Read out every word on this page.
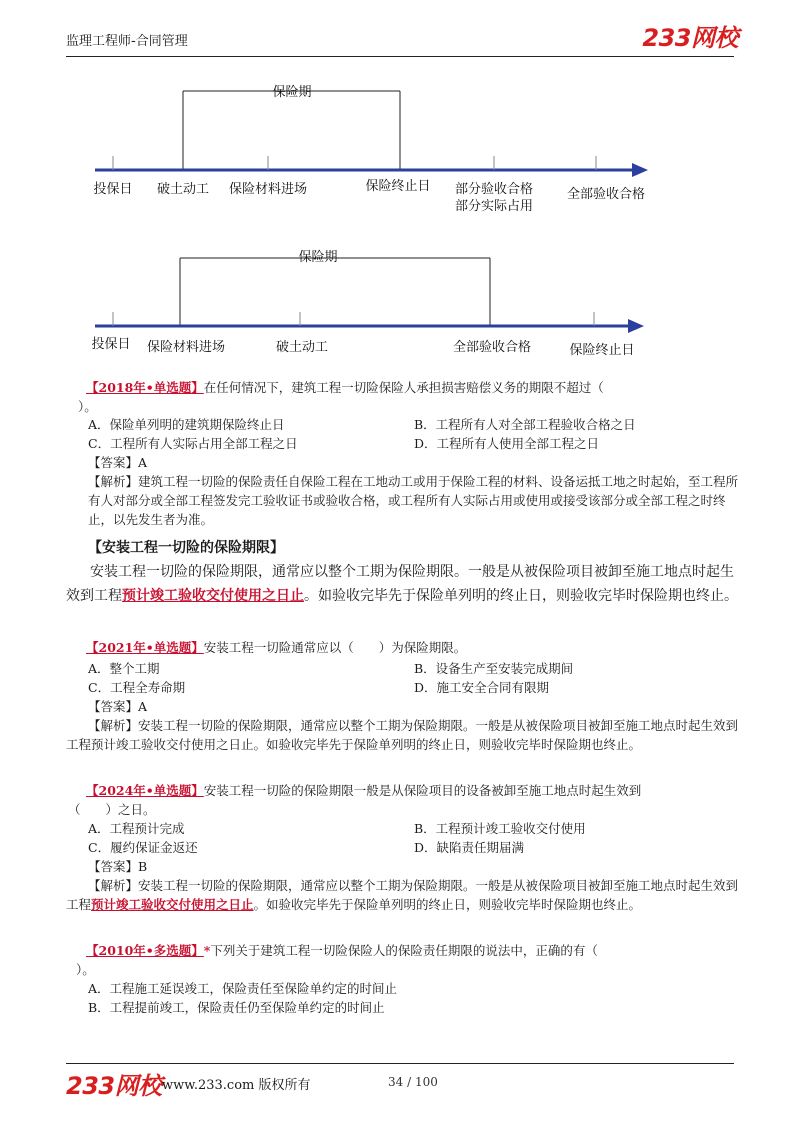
监理工程师-合同管理	233网校
保险期
投保日 破土动工 保险材料进场	保险终止日 部分验收合格
部分实际占用
全部验收合格
保险期
投保日 保险材料进场	破土动工	全部验收合格	保险终止日

【2018年•单选题】在任何情况下，建筑工程一切险保险人承担损害赔偿义务的期限不超过（
）。
A．保险单列明的建筑期保险终止日	B．工程所有人对全部工程验收合格之日
C．工程所有人实际占用全部工程之日	D．工程所有人使用全部工程之日
【答案】A
【解析】建筑工程一切险的保险责任自保险工程在工地动工或用于保险工程的材料、设备运抵工地之时起始，至工程所有人对部分或全部工程签发完工验收证书或验收合格，或工程所有人实际占用或使用或接受该部分或全部工程之时终止，以先发生者为准。
【安装工程一切险的保险期限】
安装工程一切险的保险期限，通常应以整个工期为保险期限。一般是从被保险项目被卸至施工地点时起生效到工程预计竣工验收交付使用之日止。如验收完毕先于保险单列明的终止日，则验收完毕时保险期也终止。
【2021年•单选题】安装工程一切险通常应以（　　）为保险期限。
A．整个工期	B．设备生产至安装完成期间
C．工程全寿命期	D．施工安全合同有限期
【答案】A
【解析】安装工程一切险的保险期限，通常应以整个工期为保险期限。一般是从被保险项目被卸至施工地点时起生效到工程预计竣工验收交付使用之日止。如验收完毕先于保险单列明的终止日，则验收完毕时保险期也终止。
【2024年•单选题】安装工程一切险的保险期限一般是从保险项目的设备被卸至施工地点时起生效到
（　　）之日。
A．工程预计完成	B．工程预计竣工验收交付使用
C．履约保证金返还	D．缺陷责任期届满
【答案】B
【解析】安装工程一切险的保险期限，通常应以整个工期为保险期限。一般是从被保险项目被卸至施工地点时起生效到工程预计竣工验收交付使用之日止。如验收完毕先于保险单列明的终止日，则验收完毕时保险期也终止。
【2010年•多选题】*下列关于建筑工程一切险保险人的保险责任期限的说法中，正确的有（
）。
A．工程施工延误竣工，保险责任至保险单约定的时间止
B．工程提前竣工，保险责任仍至保险单约定的时间止
233网校 www.233.com 版权所有	34 / 100
